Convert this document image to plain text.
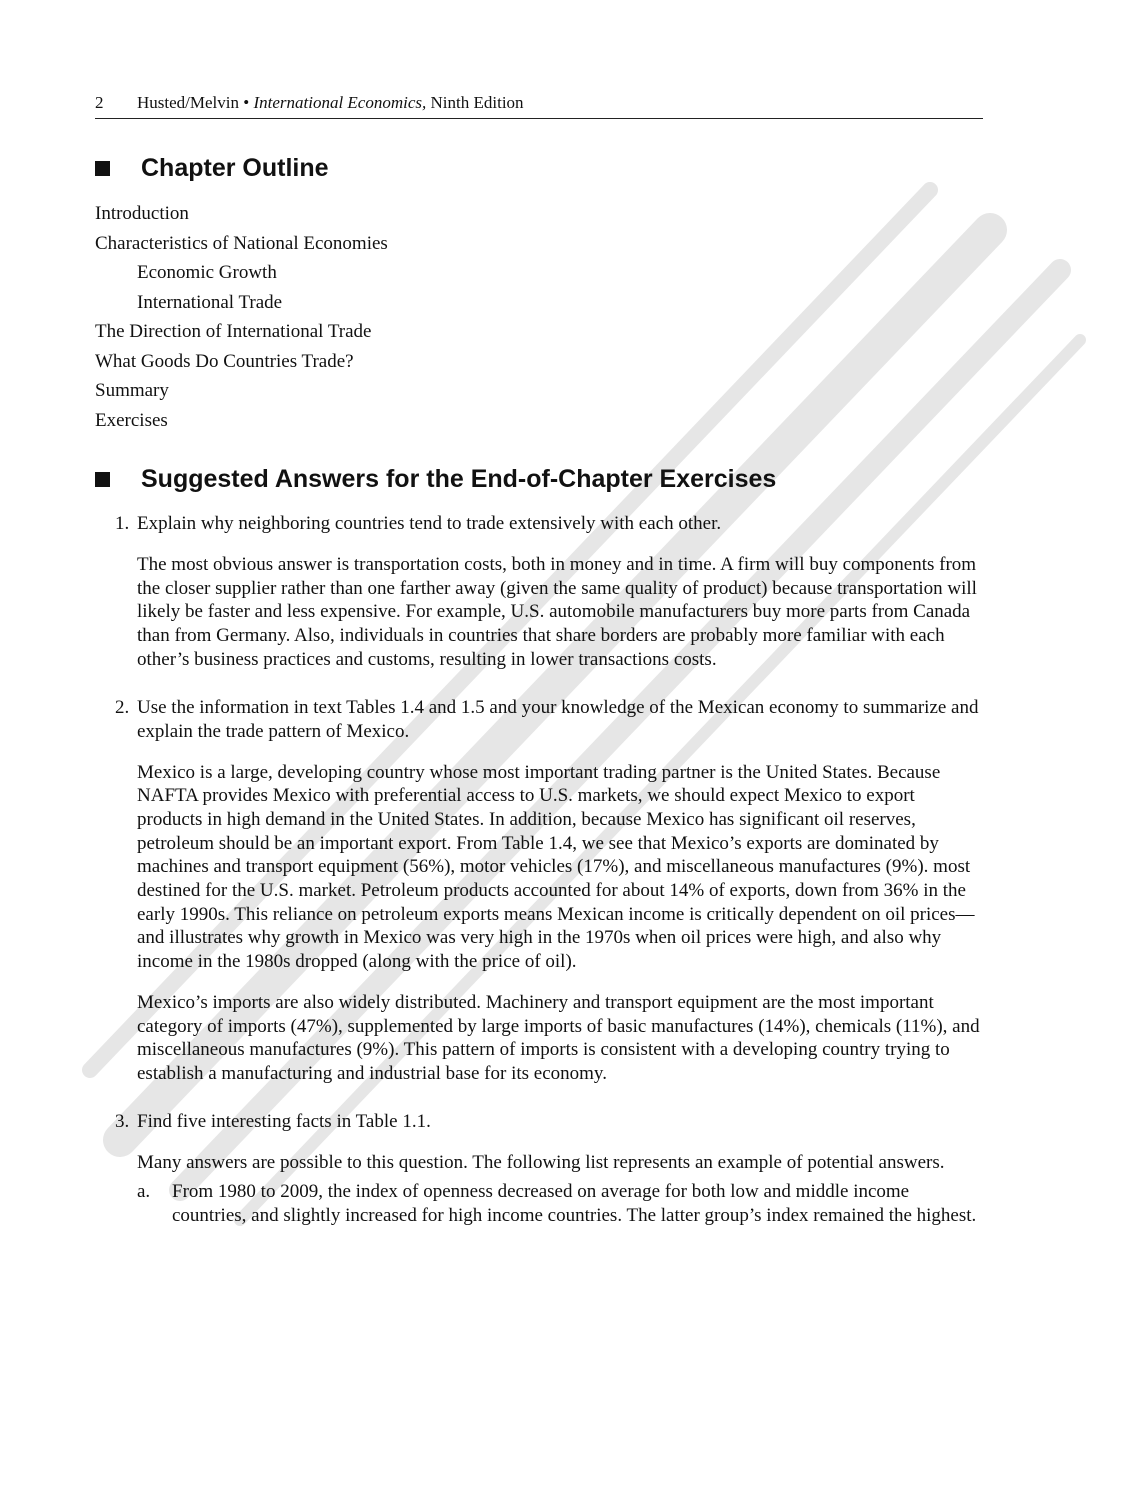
2 Husted/Melvin • International Economics, Ninth Edition
Chapter Outline
Introduction
Characteristics of National Economies
Economic Growth
International Trade
The Direction of International Trade
What Goods Do Countries Trade?
Summary
Exercises
Suggested Answers for the End-of-Chapter Exercises
1. Explain why neighboring countries tend to trade extensively with each other.
The most obvious answer is transportation costs, both in money and in time. A firm will buy components from the closer supplier rather than one farther away (given the same quality of product) because transportation will likely be faster and less expensive. For example, U.S. automobile manufacturers buy more parts from Canada than from Germany. Also, individuals in countries that share borders are probably more familiar with each other’s business practices and customs, resulting in lower transactions costs.
2. Use the information in text Tables 1.4 and 1.5 and your knowledge of the Mexican economy to summarize and explain the trade pattern of Mexico.
Mexico is a large, developing country whose most important trading partner is the United States. Because NAFTA provides Mexico with preferential access to U.S. markets, we should expect Mexico to export products in high demand in the United States. In addition, because Mexico has significant oil reserves, petroleum should be an important export. From Table 1.4, we see that Mexico’s exports are dominated by machines and transport equipment (56%), motor vehicles (17%), and miscellaneous manufactures (9%). most destined for the U.S. market. Petroleum products accounted for about 14% of exports, down from 36% in the early 1990s. This reliance on petroleum exports means Mexican income is critically dependent on oil prices—and illustrates why growth in Mexico was very high in the 1970s when oil prices were high, and also why income in the 1980s dropped (along with the price of oil).
Mexico’s imports are also widely distributed. Machinery and transport equipment are the most important category of imports (47%), supplemented by large imports of basic manufactures (14%), chemicals (11%), and miscellaneous manufactures (9%). This pattern of imports is consistent with a developing country trying to establish a manufacturing and industrial base for its economy.
3. Find five interesting facts in Table 1.1.
Many answers are possible to this question. The following list represents an example of potential answers.
a.	From 1980 to 2009, the index of openness decreased on average for both low and middle income countries, and slightly increased for high income countries. The latter group’s index remained the highest.
